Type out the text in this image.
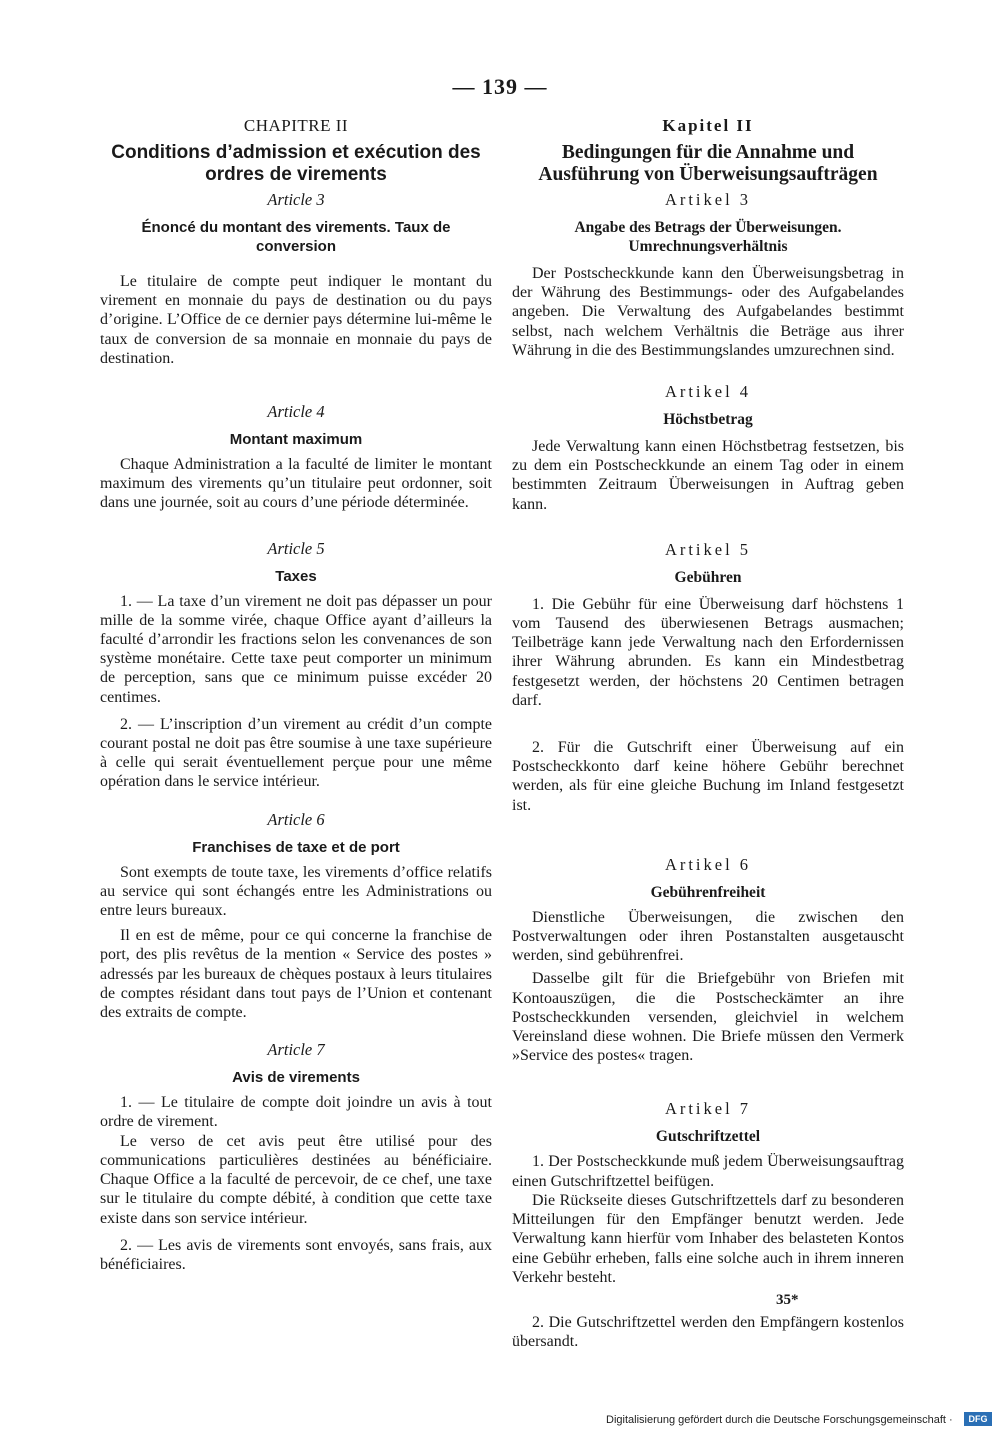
— 139 —
CHAPITRE II
Conditions d’admission et exécution des ordres de virements
Article 3
Énoncé du montant des virements. Taux de conversion

Le titulaire de compte peut indiquer le montant du virement en monnaie du pays de destination ou du pays d’origine. L’Office de ce dernier pays détermine lui-même le taux de conversion de sa monnaie en monnaie du pays de destination.

Article 4
Montant maximum

Chaque Administration a la faculté de limiter le montant maximum des virements qu’un titulaire peut ordonner, soit dans une journée, soit au cours d’une période déterminée.

Article 5
Taxes

1. — La taxe d’un virement ne doit pas dépasser un pour mille de la somme virée, chaque Office ayant d’ailleurs la faculté d’arrondir les fractions selon les convenances de son système monétaire. Cette taxe peut comporter un minimum de perception, sans que ce minimum puisse excéder 20 centimes.

2. — L’inscription d’un virement au crédit d’un compte courant postal ne doit pas être soumise à une taxe supérieure à celle qui serait éventuellement perçue pour une même opération dans le service intérieur.

Article 6
Franchises de taxe et de port

Sont exempts de toute taxe, les virements d’office relatifs au service qui sont échangés entre les Administrations ou entre leurs bureaux.

Il en est de même, pour ce qui concerne la franchise de port, des plis revêtus de la mention « Service des postes » adressés par les bureaux de chèques postaux à leurs titulaires de comptes résidant dans tout pays de l’Union et contenant des extraits de compte.

Article 7
Avis de virements

1. — Le titulaire de compte doit joindre un avis à tout ordre de virement.

Le verso de cet avis peut être utilisé pour des communications particulières destinées au bénéficiaire. Chaque Office a la faculté de percevoir, de ce chef, une taxe sur le titulaire du compte débité, à condition que cette taxe existe dans son service intérieur.

2. — Les avis de virements sont envoyés, sans frais, aux bénéficiaires.

Kapitel II
Bedingungen für die Annahme und Ausführung von Überweisungsaufträgen
Artikel 3
Angabe des Betrags der Überweisungen. Umrechnungsverhältnis

Der Postscheckkunde kann den Überweisungsbetrag in der Währung des Bestimmungs- oder des Aufgabelandes angeben. Die Verwaltung des Aufgabelandes bestimmt selbst, nach welchem Verhältnis die Beträge aus ihrer Währung in die des Bestimmungslandes umzurechnen sind.

Artikel 4
Höchstbetrag

Jede Verwaltung kann einen Höchstbetrag festsetzen, bis zu dem ein Postscheckkunde an einem Tag oder in einem bestimmten Zeitraum Überweisungen in Auftrag geben kann.

Artikel 5
Gebühren

1. Die Gebühr für eine Überweisung darf höchstens 1 vom Tausend des überwiesenen Betrags ausmachen; Teilbeträge kann jede Verwaltung nach den Erfordernissen ihrer Währung abrunden. Es kann ein Mindestbetrag festgesetzt werden, der höchstens 20 Centimen betragen darf.

2. Für die Gutschrift einer Überweisung auf ein Postscheckkonto darf keine höhere Gebühr berechnet werden, als für eine gleiche Buchung im Inland festgesetzt ist.

Artikel 6
Gebührenfreiheit

Dienstliche Überweisungen, die zwischen den Postverwaltungen oder ihren Postanstalten ausgetauscht werden, sind gebührenfrei.

Dasselbe gilt für die Briefgebühr von Briefen mit Kontoauszügen, die die Postscheckämter an ihre Postscheckkunden versenden, gleichviel in welchem Vereinsland diese wohnen. Die Briefe müssen den Vermerk »Service des postes« tragen.

Artikel 7
Gutschriftzettel

1. Der Postscheckkunde muß jedem Überweisungsauftrag einen Gutschriftzettel beifügen.

Die Rückseite dieses Gutschriftzettels darf zu besonderen Mitteilungen für den Empfänger benutzt werden. Jede Verwaltung kann hierfür vom Inhaber des belasteten Kontos eine Gebühr erheben, falls eine solche auch in ihrem inneren Verkehr besteht.

2. Die Gutschriftzettel werden den Empfängern kostenlos übersandt.

35*
Digitalisierung gefördert durch die Deutsche Forschungsgemeinschaft ·	DFG
